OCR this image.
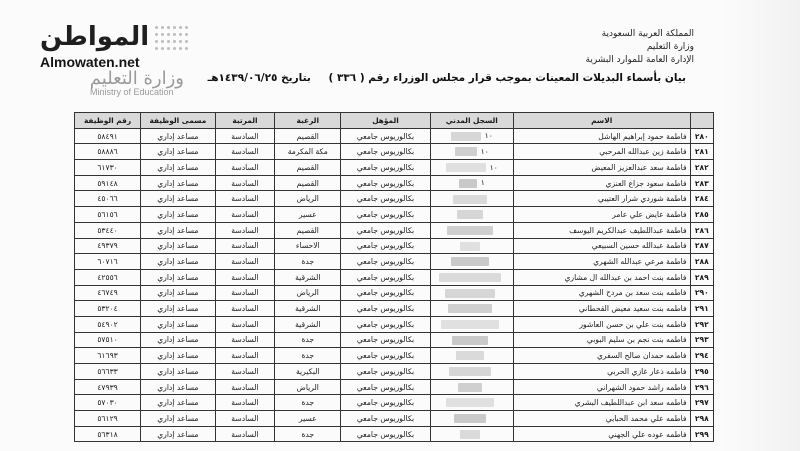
المواطن
Almowaten.net
وزارة التعليم
Ministry of Education
المملكة العربية السعودية
وزارة التعليم
الإدارة العامة للموارد البشرية
بيان بأسماء البديلات المعينات بموجب قرار مجلس الوزراء رقم ( ٣٣٦ ) بتاريخ ١٤٣٩/٠٦/٢٥هـ
	الاسم	السجل المدني	المؤهل	الرغبة	المرتبة	مسمى الوظيفة	رقم الوظيفة
٢٨٠	فاطمة حمود إبراهيم الهاشل	١٠	بكالوريوس جامعي	القصيم	السادسة	مساعد إداري	٥٨٤٩١
٢٨١	فاطمة زين عبدالله المرحبي	١٠	بكالوريوس جامعي	مكة المكرمة	السادسة	مساعد إداري	٥٨٨٨٦
٢٨٢	فاطمة سعد عبدالعزيز المعيض	١٠	بكالوريوس جامعي	القصيم	السادسة	مساعد إداري	٦١٧٣٠
٢٨٣	فاطمة سعود جزاع العنزي	١	بكالوريوس جامعي	القصيم	السادسة	مساعد إداري	٥٩١٤٨
٢٨٤	فاطمة شوردي شرار العتيبي		بكالوريوس جامعي	الرياض	السادسة	مساعد إداري	٤٥٠٦٦
٢٨٥	فاطمة عايض علي عامر		بكالوريوس جامعي	عسير	السادسة	مساعد إداري	٥٦١٥٦
٢٨٦	فاطمة عبداللطيف عبدالكريم اليوسف		بكالوريوس جامعي	القصيم	السادسة	مساعد إداري	٥٣٤٤٠
٢٨٧	فاطمة عبدالله حسين السبيعي		بكالوريوس جامعي	الاحساء	السادسة	مساعد إداري	٤٩٣٧٩
٢٨٨	فاطمة مرعي عبدالله الشهري		بكالوريوس جامعي	جدة	السادسة	مساعد إداري	٦٠٧١٦
٢٨٩	فاطمه بنت احمد بن عبدالله ال مشاري		بكالوريوس جامعي	الشرقية	السادسة	مساعد إداري	٤٢٥٥٦
٢٩٠	فاطمه بنت سعد بن مردح الشهري		بكالوريوس جامعي	الرياض	السادسة	مساعد إداري	٤٦٧٤٩
٢٩١	فاطمه بنت سعيد معيض القحطاني		بكالوريوس جامعي	الشرقية	السادسة	مساعد إداري	٥٣٢٠٤
٢٩٢	فاطمه بنت علي بن حسن العاشور		بكالوريوس جامعي	الشرقية	السادسة	مساعد إداري	٥٤٩٠٢
٢٩٣	فاطمه بنت نجم بن سليم البوبي		بكالوريوس جامعي	جدة	السادسة	مساعد إداري	٥٧٥١٠
٢٩٤	فاطمه حمدان صالح السفري		بكالوريوس جامعي	جدة	السادسة	مساعد إداري	٦١٦٩٣
٢٩٥	فاطمه ذعار غازي الحربي		بكالوريوس جامعي	البكيرية	السادسة	مساعد إداري	٥٦٦٣٣
٢٩٦	فاطمه راشد حمود الشهراني		بكالوريوس جامعي	الرياض	السادسة	مساعد إداري	٤٧٩٣٩
٢٩٧	فاطمه سعد ابن عبداللطيف البشري		بكالوريوس جامعي	جدة	السادسة	مساعد إداري	٥٧٠٣٠
٢٩٨	فاطمه علي محمد الحبابي		بكالوريوس جامعي	عسير	السادسة	مساعد إداري	٥٦١٢٩
٢٩٩	فاطمه عوده علي الجهني		بكالوريوس جامعي	جدة	السادسة	مساعد إداري	٥٦٣١٨
